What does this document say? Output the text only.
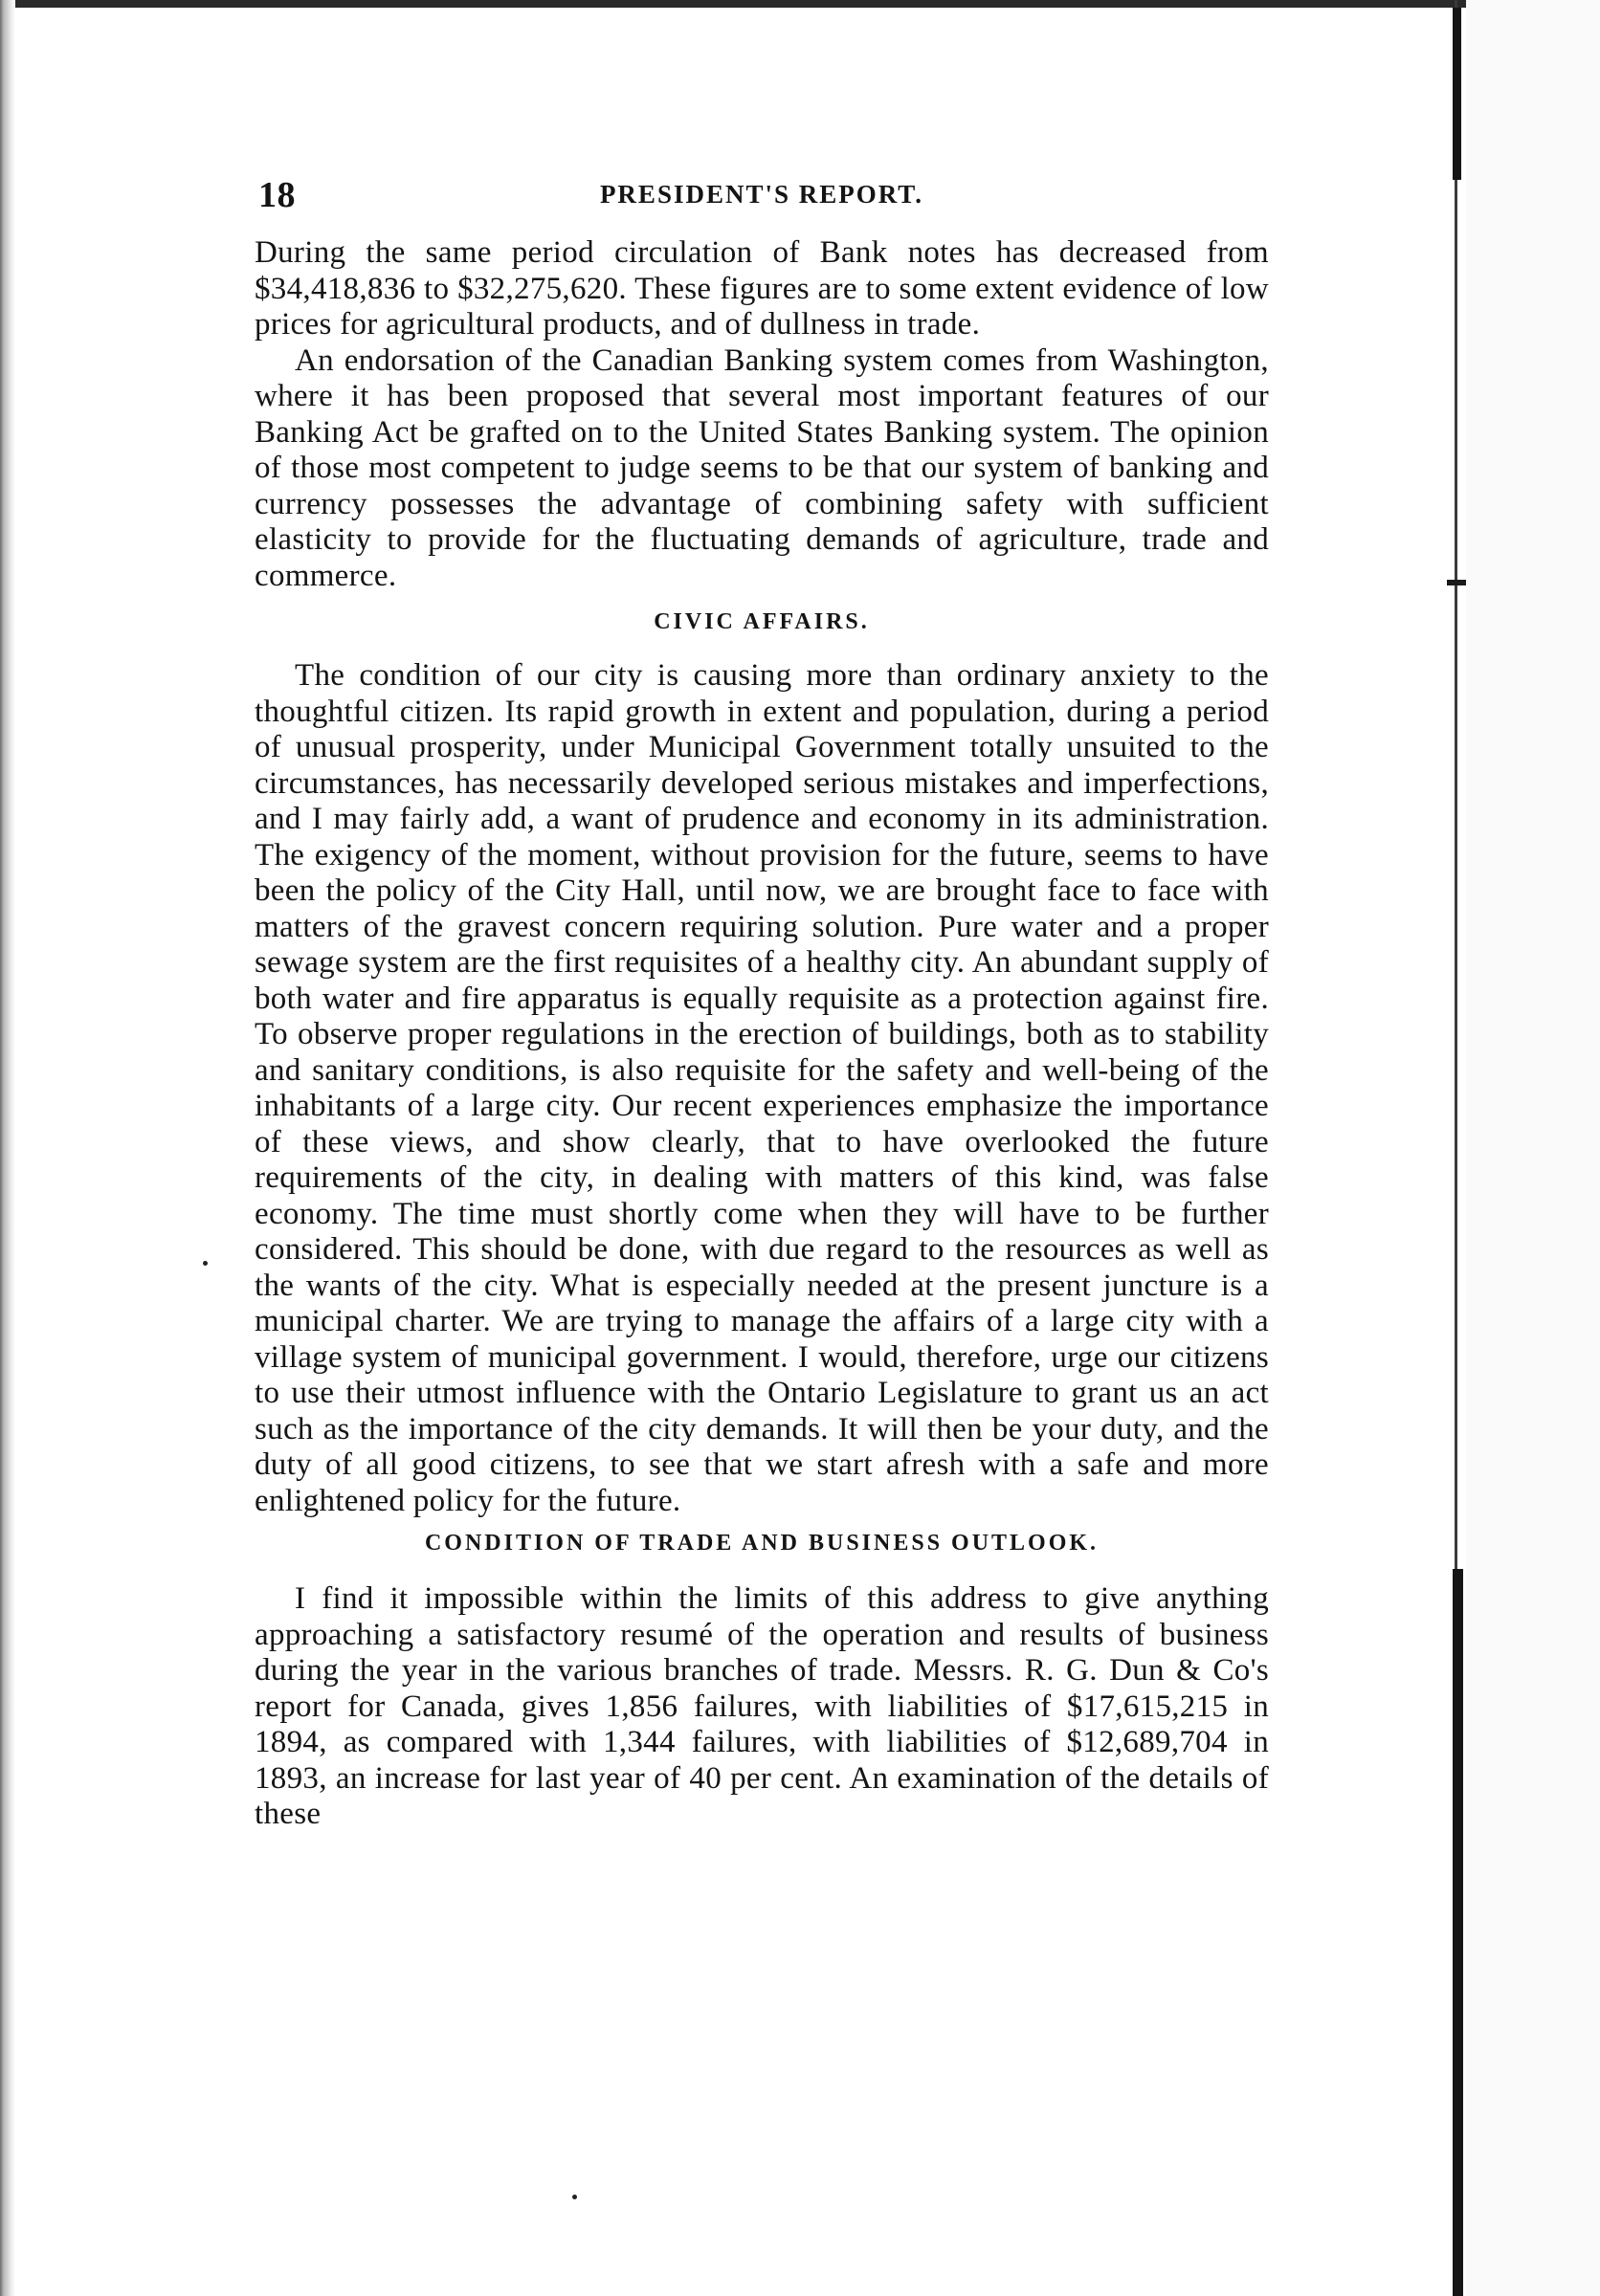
18	PRESIDENT'S REPORT.

During the same period circulation of Bank notes has decreased from $34,418,836 to $32,275,620. These figures are to some extent evidence of low prices for agricultural products, and of dullness in trade.

An endorsation of the Canadian Banking system comes from Washington, where it has been proposed that several most important features of our Banking Act be grafted on to the United States Banking system. The opinion of those most competent to judge seems to be that our system of banking and currency possesses the advantage of combining safety with sufficient elasticity to provide for the fluctuating demands of agriculture, trade and commerce.

CIVIC AFFAIRS.

The condition of our city is causing more than ordinary anxiety to the thoughtful citizen. Its rapid growth in extent and population, during a period of unusual prosperity, under Municipal Government totally unsuited to the circumstances, has necessarily developed serious mistakes and imperfections, and I may fairly add, a want of prudence and economy in its administration. The exigency of the moment, without provision for the future, seems to have been the policy of the City Hall, until now, we are brought face to face with matters of the gravest concern requiring solution. Pure water and a proper sewage system are the first requisites of a healthy city. An abundant supply of both water and fire apparatus is equally requisite as a protection against fire. To observe proper regulations in the erection of buildings, both as to stability and sanitary conditions, is also requisite for the safety and well-being of the inhabitants of a large city. Our recent experiences emphasize the importance of these views, and show clearly, that to have overlooked the future requirements of the city, in dealing with matters of this kind, was false economy. The time must shortly come when they will have to be further considered. This should be done, with due regard to the resources as well as the wants of the city. What is especially needed at the present juncture is a municipal charter. We are trying to manage the affairs of a large city with a village system of municipal government. I would, therefore, urge our citizens to use their utmost influence with the Ontario Legislature to grant us an act such as the importance of the city demands. It will then be your duty, and the duty of all good citizens, to see that we start afresh with a safe and more enlightened policy for the future.

CONDITION OF TRADE AND BUSINESS OUTLOOK.

I find it impossible within the limits of this address to give anything approaching a satisfactory resumé of the operation and results of business during the year in the various branches of trade. Messrs. R. G. Dun & Co's report for Canada, gives 1,856 failures, with liabilities of $17,615,215 in 1894, as compared with 1,344 failures, with liabilities of $12,689,704 in 1893, an increase for last year of 40 per cent. An examination of the details of these
